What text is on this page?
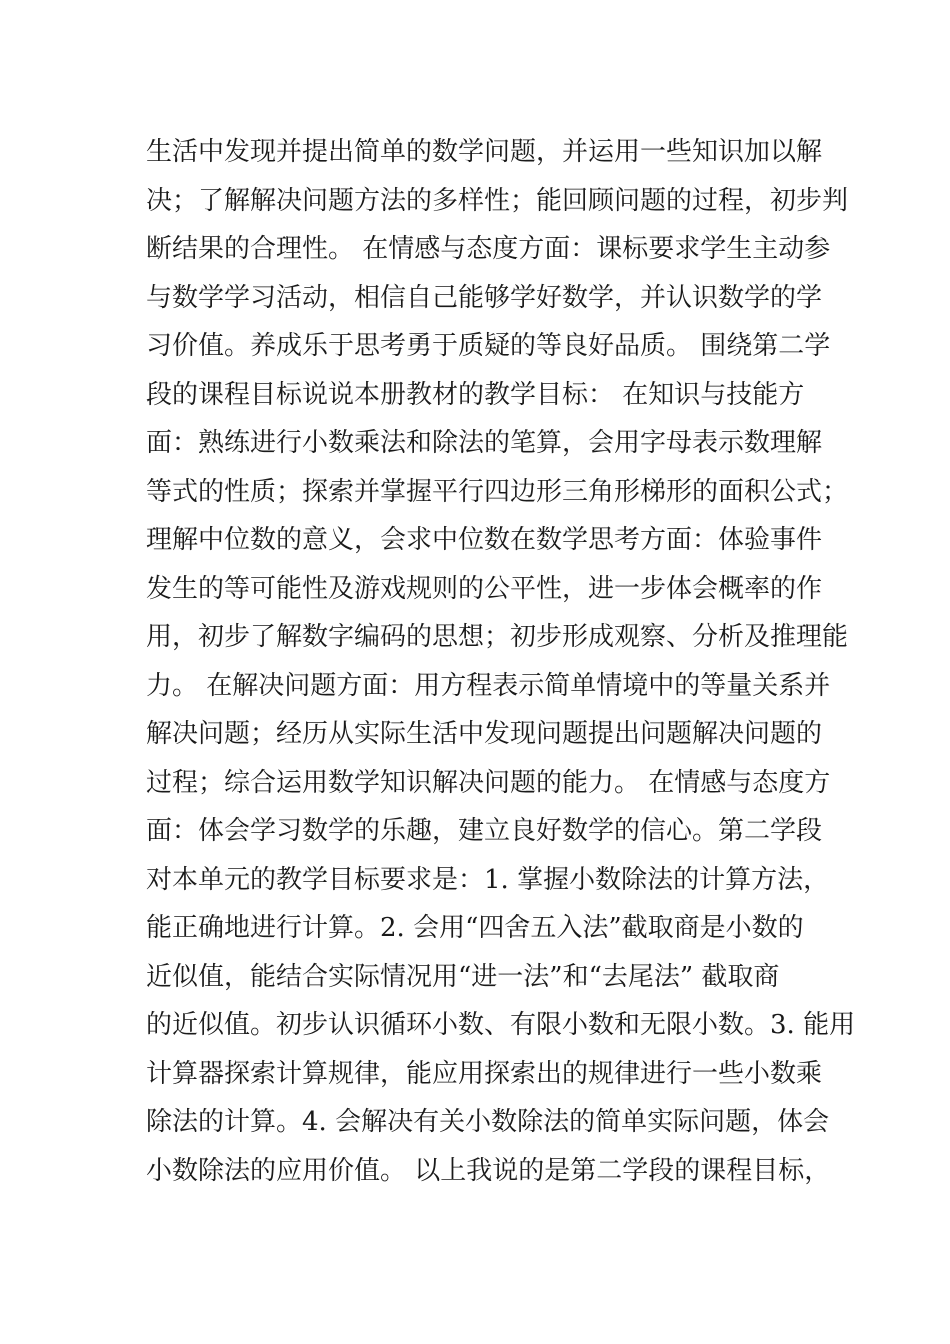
生活中发现并提出简单的数学问题，并运用一些知识加以解
决；了解解决问题方法的多样性；能回顾问题的过程，初步判
断结果的合理性。 在情感与态度方面：课标要求学生主动参
与数学学习活动，相信自己能够学好数学，并认识数学的学
习价值。养成乐于思考勇于质疑的等良好品质。 围绕第二学
段的课程目标说说本册教材的教学目标： 在知识与技能方
面：熟练进行小数乘法和除法的笔算，会用字母表示数理解
等式的性质；探索并掌握平行四边形三角形梯形的面积公式；
理解中位数的意义，会求中位数在数学思考方面：体验事件
发生的等可能性及游戏规则的公平性，进一步体会概率的作
用，初步了解数字编码的思想；初步形成观察、分析及推理能
力。 在解决问题方面：用方程表示简单情境中的等量关系并
解决问题；经历从实际生活中发现问题提出问题解决问题的
过程；综合运用数学知识解决问题的能力。 在情感与态度方
面：体会学习数学的乐趣，建立良好数学的信心。第二学段
对本单元的教学目标要求是：1. 掌握小数除法的计算方法，
能正确地进行计算。2. 会用“四舍五入法”截取商是小数的
近似值，能结合实际情况用“进一法”和“去尾法” 截取商
的近似值。初步认识循环小数、有限小数和无限小数。3. 能用
计算器探索计算规律，能应用探索出的规律进行一些小数乘
除法的计算。4. 会解决有关小数除法的简单实际问题，体会
小数除法的应用价值。 以上我说的是第二学段的课程目标，
